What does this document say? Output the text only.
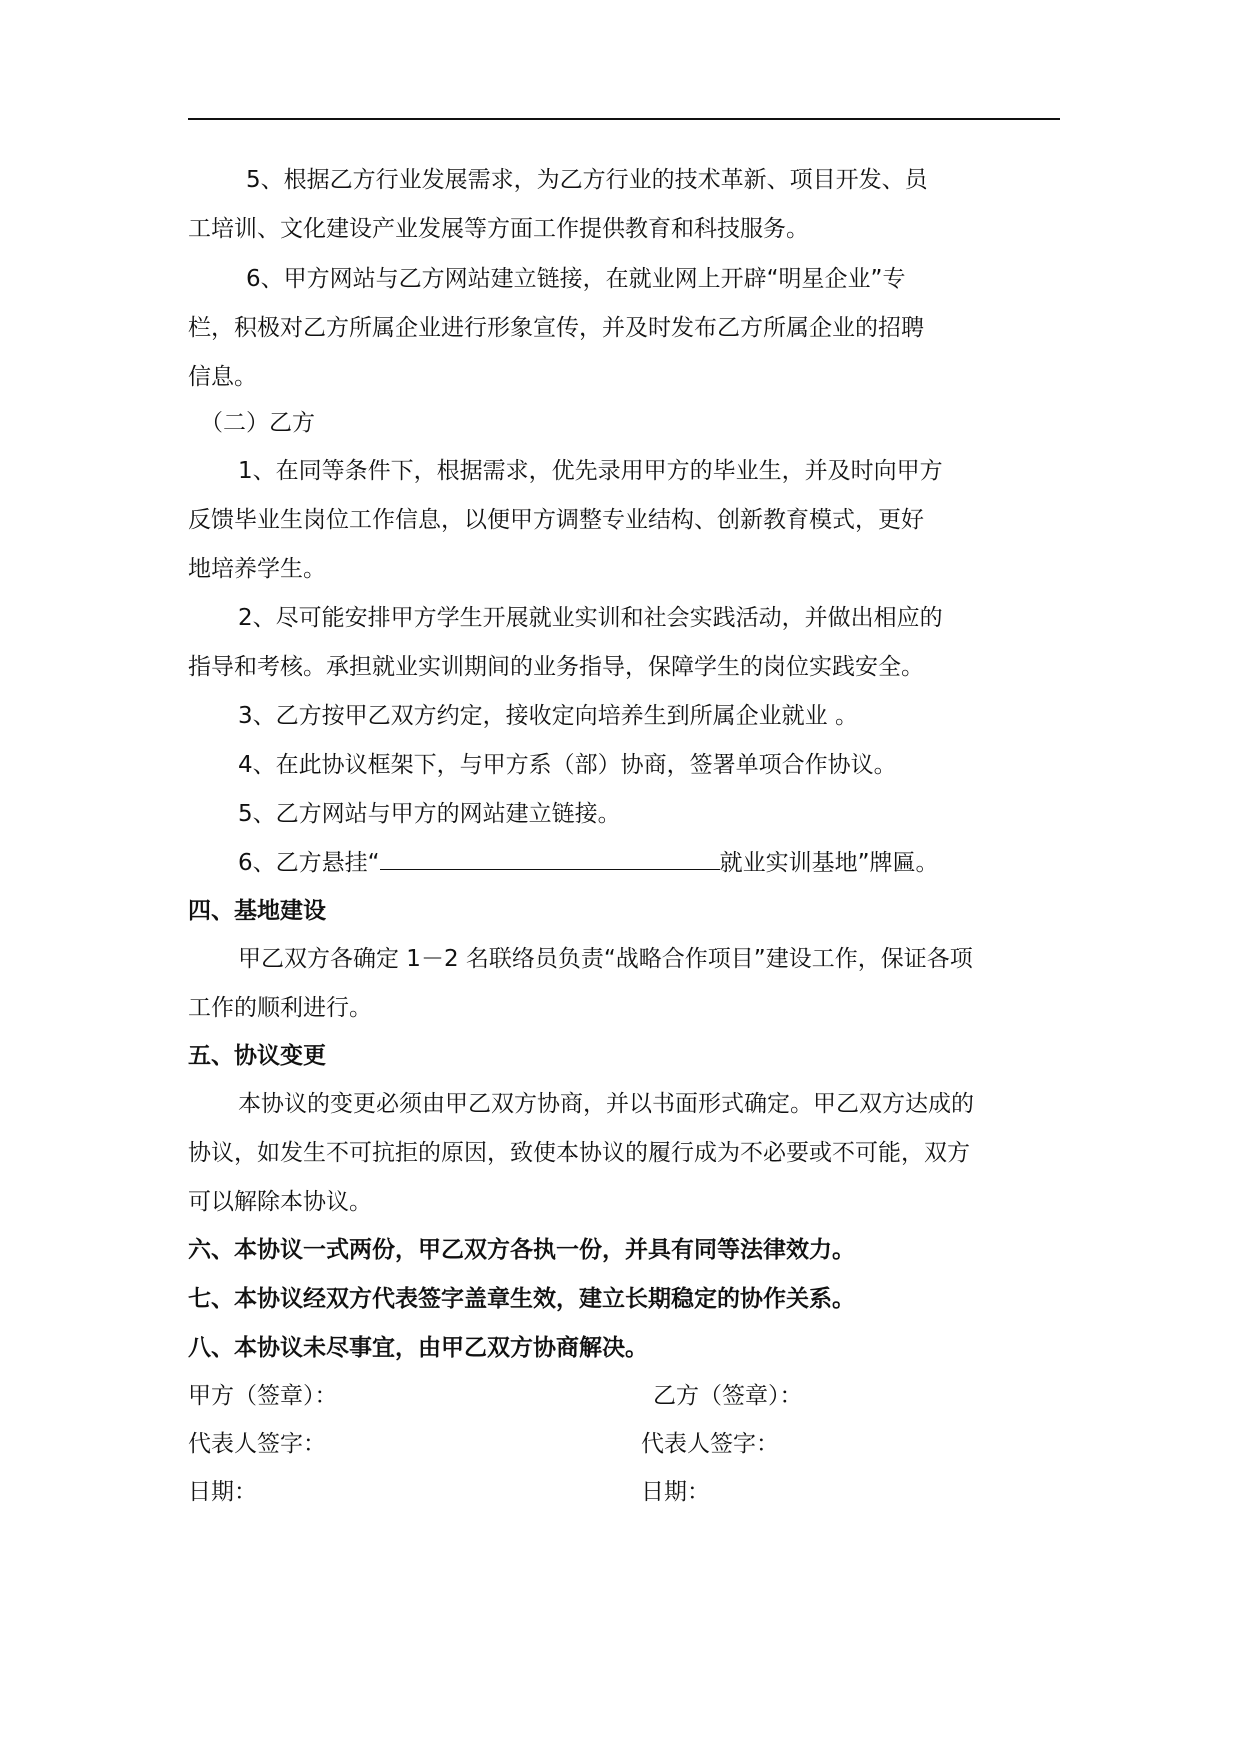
5、根据乙方行业发展需求，为乙方行业的技术革新、项目开发、员
工培训、文化建设产业发展等方面工作提供教育和科技服务。
6、甲方网站与乙方网站建立链接，在就业网上开辟“明星企业”专
栏，积极对乙方所属企业进行形象宣传，并及时发布乙方所属企业的招聘
信息。
（二）乙方
1、在同等条件下，根据需求，优先录用甲方的毕业生，并及时向甲方
反馈毕业生岗位工作信息，以便甲方调整专业结构、创新教育模式，更好
地培养学生。
2、尽可能安排甲方学生开展就业实训和社会实践活动，并做出相应的
指导和考核。承担就业实训期间的业务指导，保障学生的岗位实践安全。
3、乙方按甲乙双方约定，接收定向培养生到所属企业就业 。
4、在此协议框架下，与甲方系（部）协商，签署单项合作协议。
5、乙方网站与甲方的网站建立链接。
6、乙方悬挂“	就业实训基地”牌匾。
四、基地建设
甲乙双方各确定 1－2 名联络员负责“战略合作项目”建设工作，保证各项
工作的顺利进行。
五、协议变更
本协议的变更必须由甲乙双方协商，并以书面形式确定。甲乙双方达成的
协议，如发生不可抗拒的原因，致使本协议的履行成为不必要或不可能，双方
可以解除本协议。
六、本协议一式两份，甲乙双方各执一份，并具有同等法律效力。
七、本协议经双方代表签字盖章生效，建立长期稳定的协作关系。
八、本协议未尽事宜，由甲乙双方协商解决。
甲方（签章）：	乙方（签章）：
代表人签字：	代表人签字：
日期：	日期：
